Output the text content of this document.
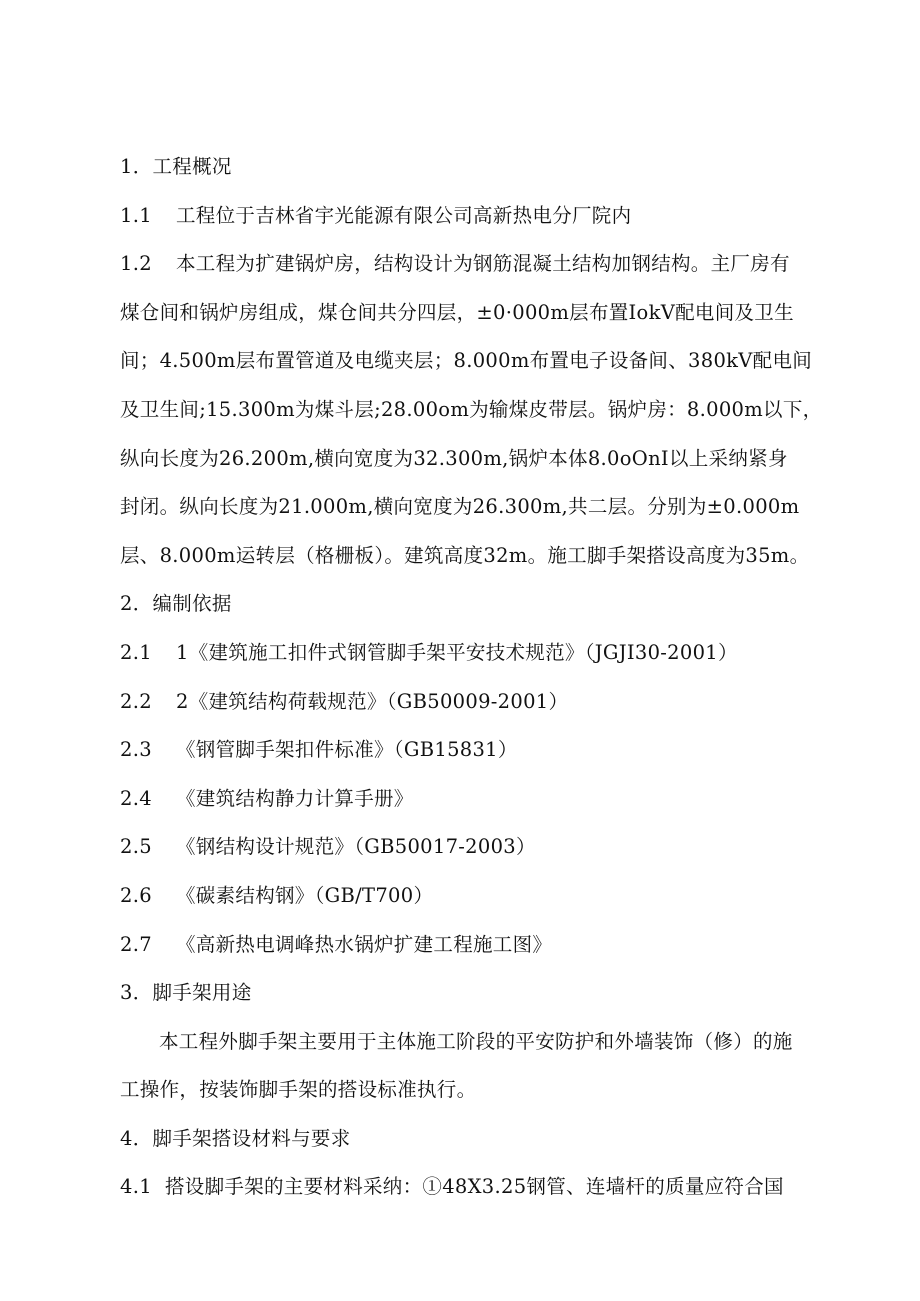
1．工程概况
1.1 工程位于吉林省宇光能源有限公司高新热电分厂院内
1.2 本工程为扩建锅炉房，结构设计为钢筋混凝土结构加钢结构。主厂房有
煤仓间和锅炉房组成，煤仓间共分四层，±0·000m层布置IokV配电间及卫生
间；4.500m层布置管道及电缆夹层；8.000m布置电子设备间、380kV配电间
及卫生间;15.300m为煤斗层;28.00om为输煤皮带层。锅炉房：8.000m以下，
纵向长度为26.200m,横向宽度为32.300m,锅炉本体8.0oOnI以上采纳紧身
封闭。纵向长度为21.000m,横向宽度为26.300m,共二层。分别为±0.000m
层、8.000m运转层（格栅板）。建筑高度32m。施工脚手架搭设高度为35m。
2．编制依据
2.1 1《建筑施工扣件式钢管脚手架平安技术规范》（JGJI30-2001）
2.2 2《建筑结构荷载规范》（GB50009-2001）
2.3 《钢管脚手架扣件标准》（GB15831）
2.4 《建筑结构静力计算手册》
2.5 《钢结构设计规范》（GB50017-2003）
2.6 《碳素结构钢》（GB/T700）
2.7 《高新热电调峰热水锅炉扩建工程施工图》
3．脚手架用途
本工程外脚手架主要用于主体施工阶段的平安防护和外墙装饰（修）的施
工操作，按装饰脚手架的搭设标准执行。
4．脚手架搭设材料与要求
4.1 搭设脚手架的主要材料采纳：①48X3.25钢管、连墙杆的质量应符合国
